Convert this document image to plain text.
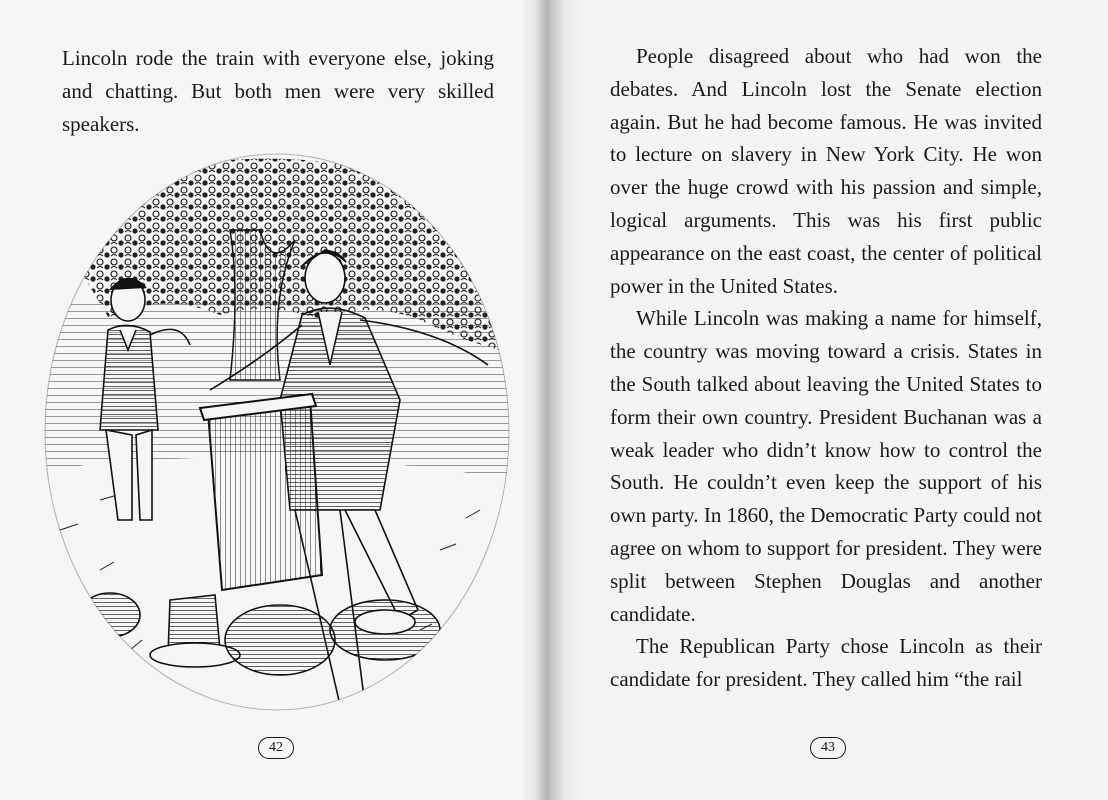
Lincoln rode the train with everyone else, joking and chatting. But both men were very skilled speakers.

42

People disagreed about who had won the debates. And Lincoln lost the Senate election again. But he had become famous. He was invited to lecture on slavery in New York City. He won over the huge crowd with his passion and simple, logical arguments. This was his first public appearance on the east coast, the center of political power in the United States.

While Lincoln was making a name for himself, the country was moving toward a crisis. States in the South talked about leaving the United States to form their own country. President Buchanan was a weak leader who didn’t know how to control the South. He couldn’t even keep the support of his own party. In 1860, the Democratic Party could not agree on whom to support for president. They were split between Stephen Douglas and another candidate.

The Republican Party chose Lincoln as their candidate for president. They called him “the rail

43
